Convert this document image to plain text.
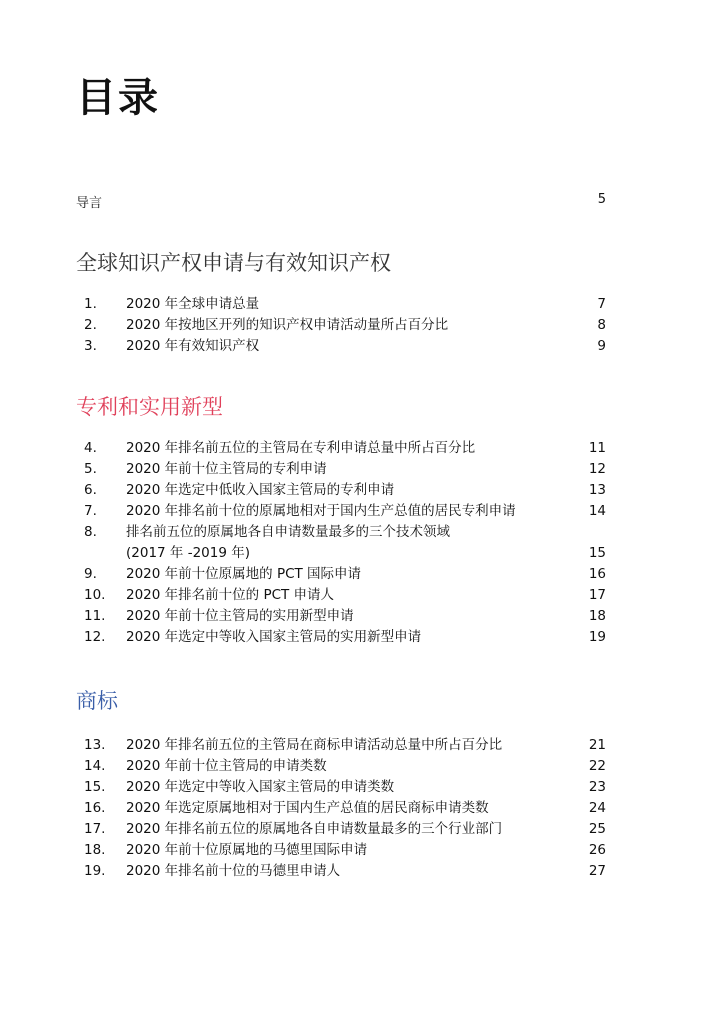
目录
导言	5
全球知识产权申请与有效知识产权
1.	2020 年全球申请总量	7
2.	2020 年按地区开列的知识产权申请活动量所占百分比	8
3.	2020 年有效知识产权	9
专利和实用新型
4.	2020 年排名前五位的主管局在专利申请总量中所占百分比	11
5.	2020 年前十位主管局的专利申请	12
6.	2020 年选定中低收入国家主管局的专利申请	13
7.	2020 年排名前十位的原属地相对于国内生产总值的居民专利申请	14
8.	排名前五位的原属地各自申请数量最多的三个技术领域
(2017 年 -2019 年)	15
9.	2020 年前十位原属地的 PCT 国际申请	16
10.	2020 年排名前十位的 PCT 申请人	17
11.	2020 年前十位主管局的实用新型申请	18
12.	2020 年选定中等收入国家主管局的实用新型申请	19
商标
13.	2020 年排名前五位的主管局在商标申请活动总量中所占百分比	21
14.	2020 年前十位主管局的申请类数	22
15.	2020 年选定中等收入国家主管局的申请类数	23
16.	2020 年选定原属地相对于国内生产总值的居民商标申请类数	24
17.	2020 年排名前五位的原属地各自申请数量最多的三个行业部门	25
18.	2020 年前十位原属地的马德里国际申请	26
19.	2020 年排名前十位的马德里申请人	27
